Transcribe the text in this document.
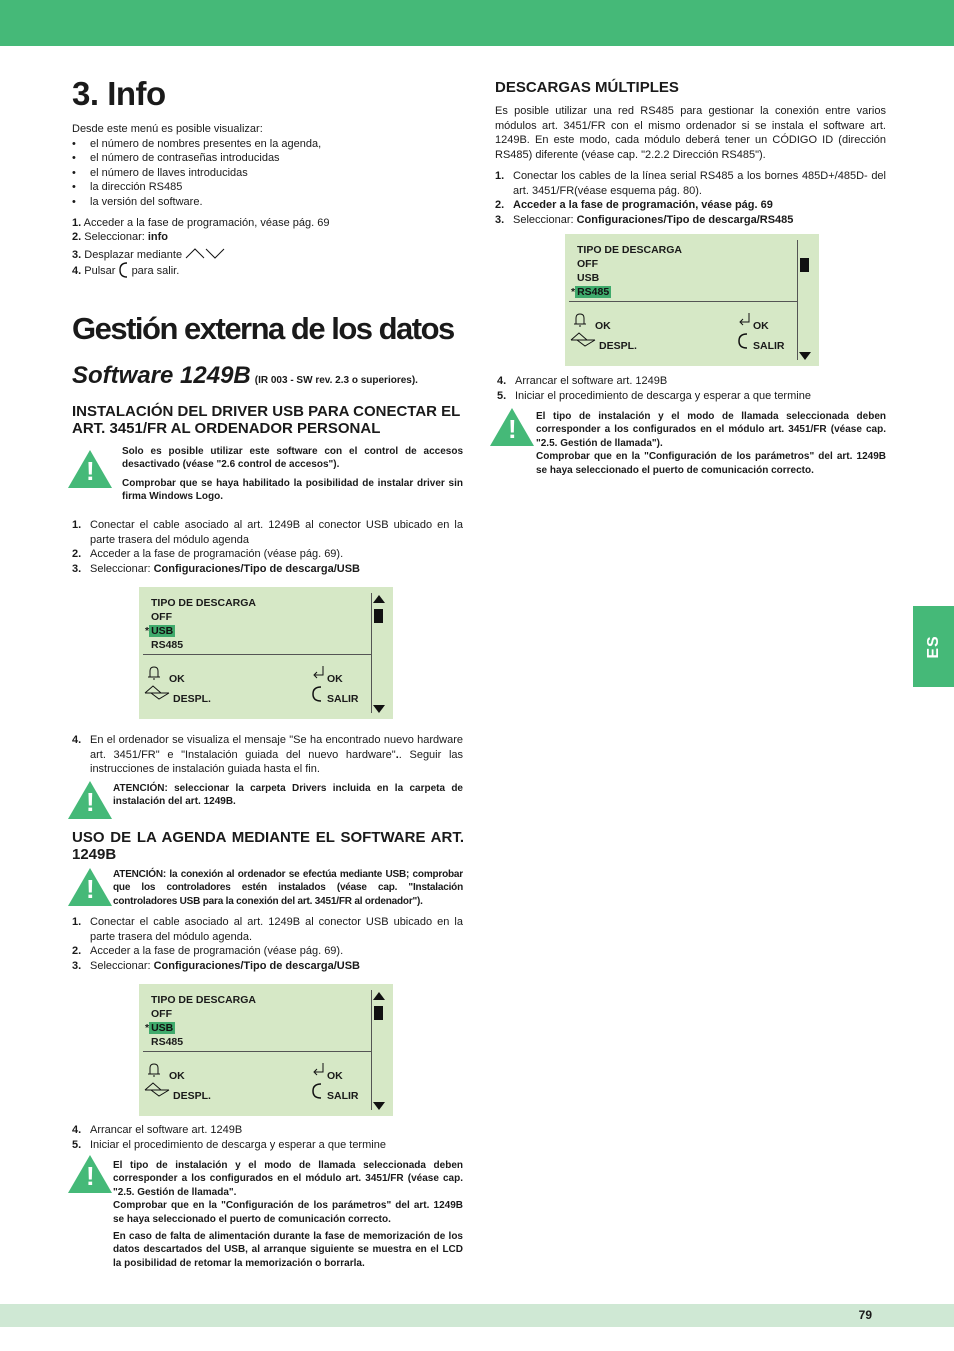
ES
3. Info
Desde este menú es posible visualizar:
• el número de nombres presentes en la agenda,
• el número de contraseñas introducidas
• el número de llaves introducidas
• la dirección RS485
• la versión del software.
1. Acceder a la fase de programación, véase pág. 69
2. Seleccionar: info
3. Desplazar mediante
4. Pulsar para salir.
Gestión externa de los datos
Software 1249B (IR 003 - SW rev. 2.3 o superiores).
INSTALACIÓN DEL DRIVER USB PARA CONECTAR EL ART. 3451/FR AL ORDENADOR PERSONAL
!
Solo es posible utilizar este software con el control de accesos desactivado (véase "2.6 control de accesos").
Comprobar que se haya habilitado la posibilidad de instalar driver sin firma Windows Logo.
1. Conectar el cable asociado al art. 1249B al conector USB ubicado en la parte trasera del módulo agenda
2. Acceder a la fase de programación (véase pág. 69).
3. Seleccionar: Configuraciones/Tipo de descarga/USB
TIPO DE DESCARGA
OFF
* USB
RS485
OK
DESPL.
OK
SALIR
4. En el ordenador se visualiza el mensaje "Se ha encontrado nuevo hardware art. 3451/FR" e "Instalación guiada del nuevo hardware".. Seguir las instrucciones de instalación guiada hasta el fin.
! ATENCIÓN: seleccionar la carpeta Drivers incluida en la carpeta de instalación del art. 1249B.
USO DE LA AGENDA MEDIANTE EL SOFTWARE ART. 1249B
! ATENCIÓN: la conexión al ordenador se efectúa mediante USB; comprobar que los controladores estén instalados (véase cap. "Instalación controladores USB para la conexión del art. 3451/FR al ordenador").
1. Conectar el cable asociado al art. 1249B al conector USB ubicado en la parte trasera del módulo agenda.
2. Acceder a la fase de programación (véase pág. 69).
3. Seleccionar: Configuraciones/Tipo de descarga/USB
TIPO DE DESCARGA
OFF
* USB
RS485
OK
DESPL.
OK
SALIR
4. Arrancar el software art. 1249B
5. Iniciar el procedimiento de descarga y esperar a que termine
! El tipo de instalación y el modo de llamada seleccionada deben corresponder a los configurados en el módulo art. 3451/FR (véase cap. "2.5. Gestión de llamada".
Comprobar que en la "Configuración de los parámetros" del art. 1249B se haya seleccionado el puerto de comunicación correcto.
En caso de falta de alimentación durante la fase de memorización de los datos descartados del USB, al arranque siguiente se muestra en el LCD la posibilidad de retomar la memorización o borrarla.
DESCARGAS MÚLTIPLES
Es posible utilizar una red RS485 para gestionar la conexión entre varios módulos art. 3451/FR con el mismo ordenador si se instala el software art. 1249B. En este modo, cada módulo deberá tener un CÓDIGO ID (dirección RS485) diferente (véase cap. "2.2.2 Dirección RS485").
1. Conectar los cables de la línea serial RS485 a los bornes 485D+/485D- del art. 3451/FR(véase esquema pág. 80).
2. Acceder a la fase de programación, véase pág. 69
3. Seleccionar: Configuraciones/Tipo de descarga/RS485
TIPO DE DESCARGA
OFF
USB
* RS485
OK
DESPL.
OK
SALIR
4. Arrancar el software art. 1249B
5. Iniciar el procedimiento de descarga y esperar a que termine
! El tipo de instalación y el modo de llamada seleccionada deben corresponder a los configurados en el módulo art. 3451/FR (véase cap. "2.5. Gestión de llamada").
Comprobar que en la "Configuración de los parámetros" del art. 1249B se haya seleccionado el puerto de comunicación correcto.
79
